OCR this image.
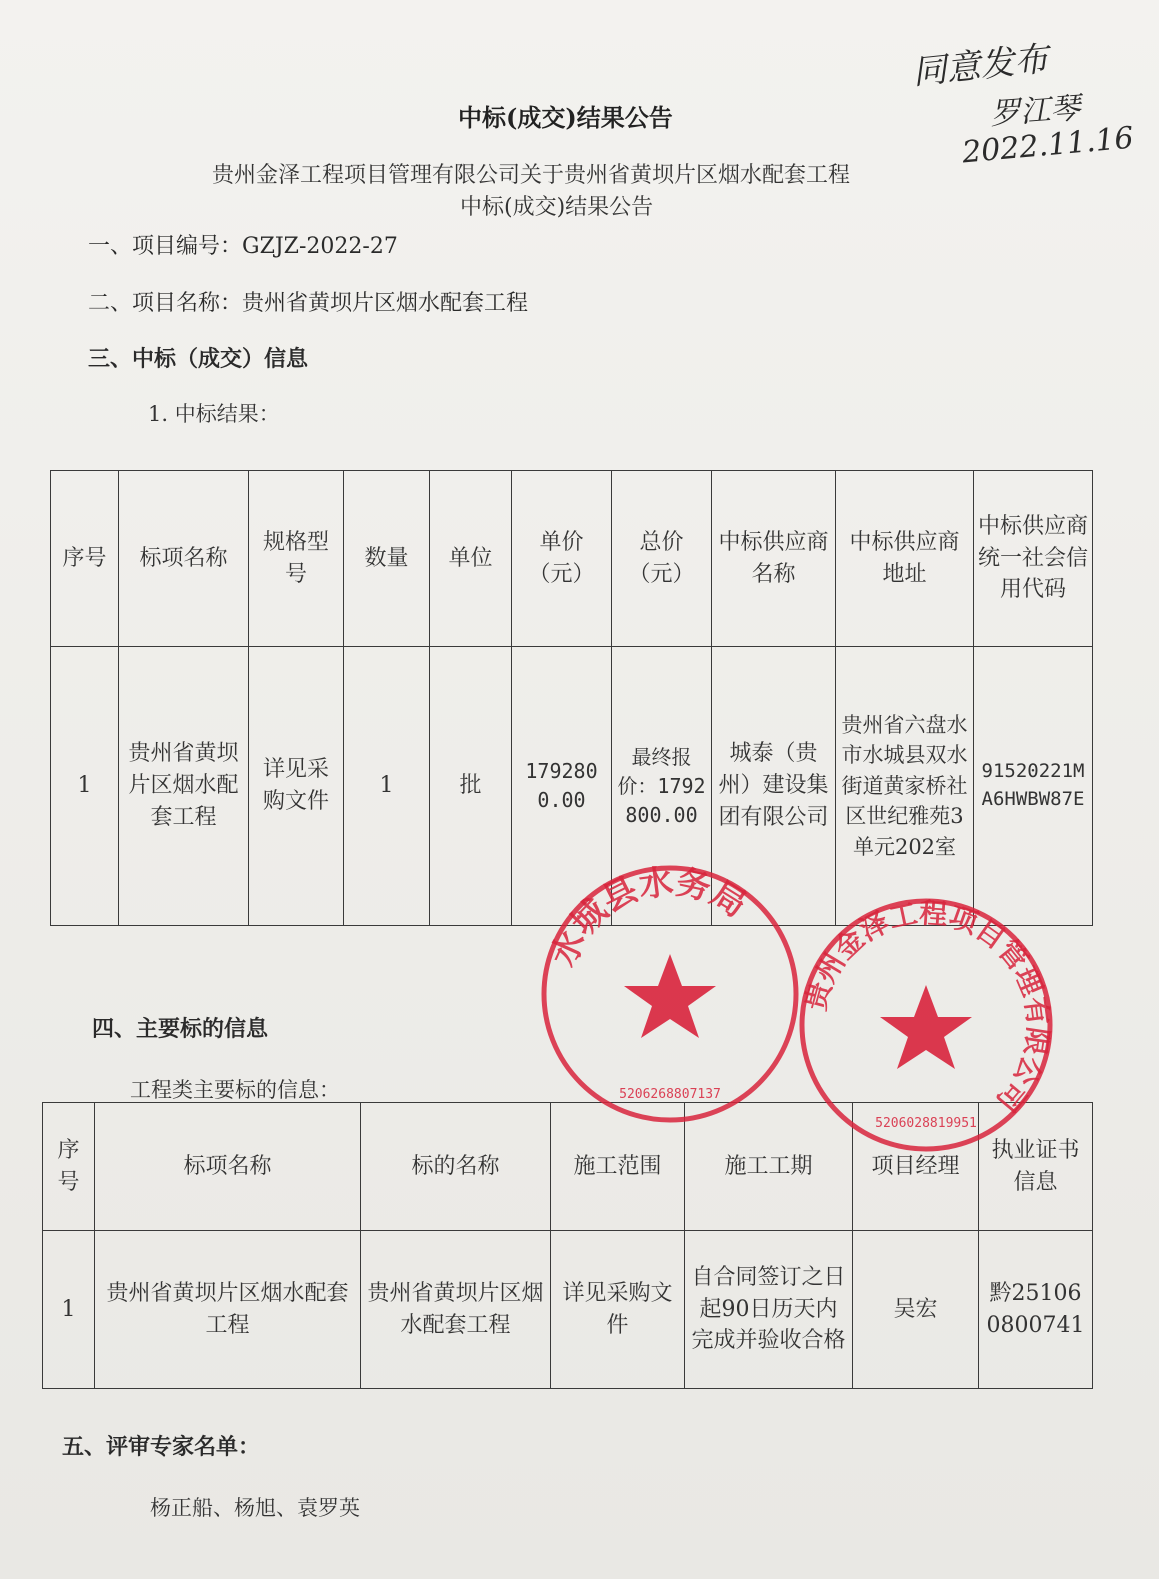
同意发布
罗江琴
2022.11.16
中标(成交)结果公告
贵州金泽工程项目管理有限公司关于贵州省黄坝片区烟水配套工程
中标(成交)结果公告
一、项目编号：GZJZ-2022-27
二、项目名称：贵州省黄坝片区烟水配套工程
三、中标（成交）信息
1. 中标结果：
序号	标项名称	规格型号	数量	单位	单价（元）	总价（元）	中标供应商名称	中标供应商地址	中标供应商统一社会信用代码
1	贵州省黄坝片区烟水配套工程	详见采购文件	1	批	1792800.00	最终报价：1792800.00	城泰（贵州）建设集团有限公司	贵州省六盘水市水城县双水街道黄家桥社区世纪雅苑3单元202室	91520221MA6HWBW87E
四、主要标的信息
工程类主要标的信息：
序号	标项名称	标的名称	施工范围	施工工期	项目经理	执业证书信息
1	贵州省黄坝片区烟水配套工程	贵州省黄坝片区烟水配套工程	详见采购文件	自合同签订之日起90日历天内完成并验收合格	吴宏	黔251060800741
五、评审专家名单：
杨正船、杨旭、袁罗英
水城县水务局
5206268807137
贵州金泽工程项目管理有限公司
5206028819951
